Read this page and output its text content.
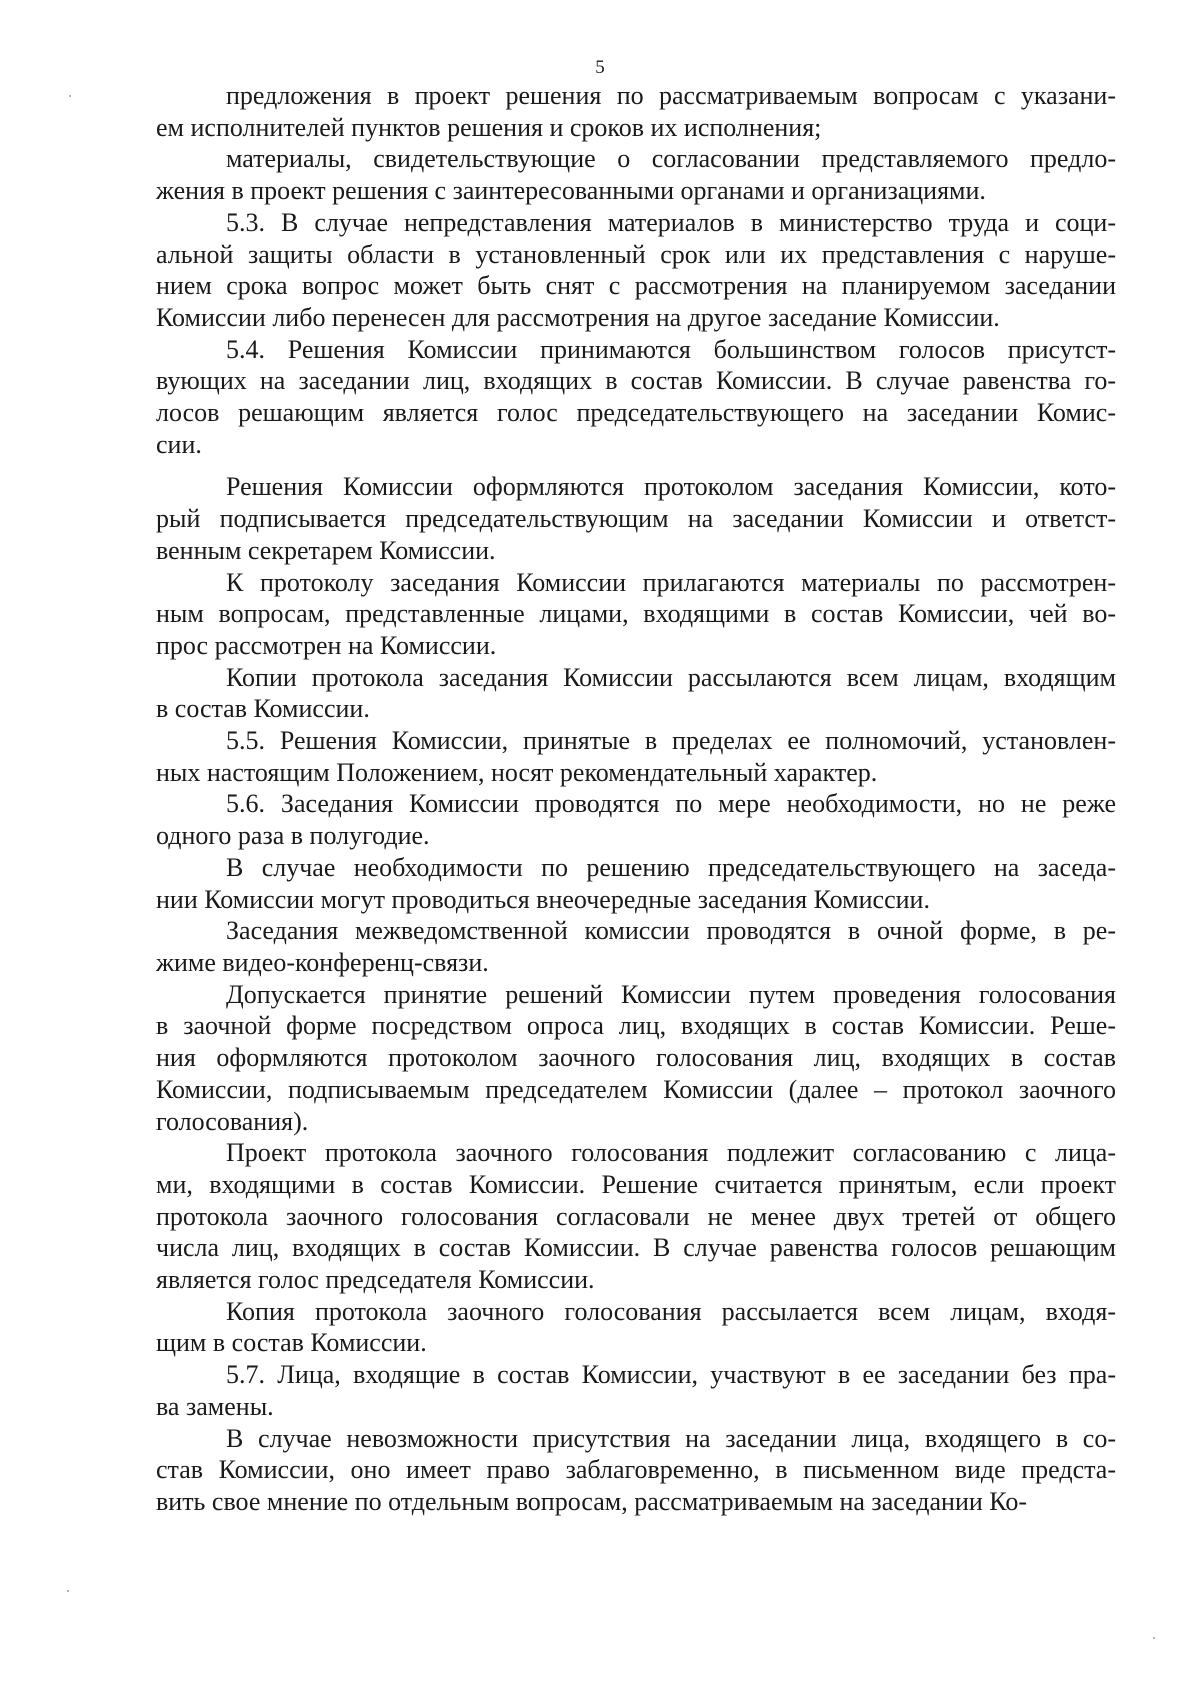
5
предложения в проект решения по рассматриваемым вопросам с указани-
ем исполнителей пунктов решения и сроков их исполнения;
материалы, свидетельствующие о согласовании представляемого предло-
жения в проект решения с заинтересованными органами и организациями.
5.3. В случае непредставления материалов в министерство труда и соци-
альной защиты области в установленный срок или их представления с наруше-
нием срока вопрос может быть снят с рассмотрения на планируемом заседании
Комиссии либо перенесен для рассмотрения на другое заседание Комиссии.
5.4. Решения Комиссии принимаются большинством голосов присутст-
вующих на заседании лиц, входящих в состав Комиссии. В случае равенства го-
лосов решающим является голос председательствующего на заседании Комис-
сии.
Решения Комиссии оформляются протоколом заседания Комиссии, кото-
рый подписывается председательствующим на заседании Комиссии и ответст-
венным секретарем Комиссии.
К протоколу заседания Комиссии прилагаются материалы по рассмотрен-
ным вопросам, представленные лицами, входящими в состав Комиссии, чей во-
прос рассмотрен на Комиссии.
Копии протокола заседания Комиссии рассылаются всем лицам, входящим
в состав Комиссии.
5.5. Решения Комиссии, принятые в пределах ее полномочий, установлен-
ных настоящим Положением, носят рекомендательный характер.
5.6. Заседания Комиссии проводятся по мере необходимости, но не реже
одного раза в полугодие.
В случае необходимости по решению председательствующего на заседа-
нии Комиссии могут проводиться внеочередные заседания Комиссии.
Заседания межведомственной комиссии проводятся в очной форме, в ре-
жиме видео-конференц-связи.
Допускается принятие решений Комиссии путем проведения голосования
в заочной форме посредством опроса лиц, входящих в состав Комиссии. Реше-
ния оформляются протоколом заочного голосования лиц, входящих в состав
Комиссии, подписываемым председателем Комиссии (далее – протокол заочного
голосования).
Проект протокола заочного голосования подлежит согласованию с лица-
ми, входящими в состав Комиссии. Решение считается принятым, если проект
протокола заочного голосования согласовали не менее двух третей от общего
числа лиц, входящих в состав Комиссии. В случае равенства голосов решающим
является голос председателя Комиссии.
Копия протокола заочного голосования рассылается всем лицам, входя-
щим в состав Комиссии.
5.7. Лица, входящие в состав Комиссии, участвуют в ее заседании без пра-
ва замены.
В случае невозможности присутствия на заседании лица, входящего в со-
став Комиссии, оно имеет право заблаговременно, в письменном виде предста-
вить свое мнение по отдельным вопросам, рассматриваемым на заседании Ко-
